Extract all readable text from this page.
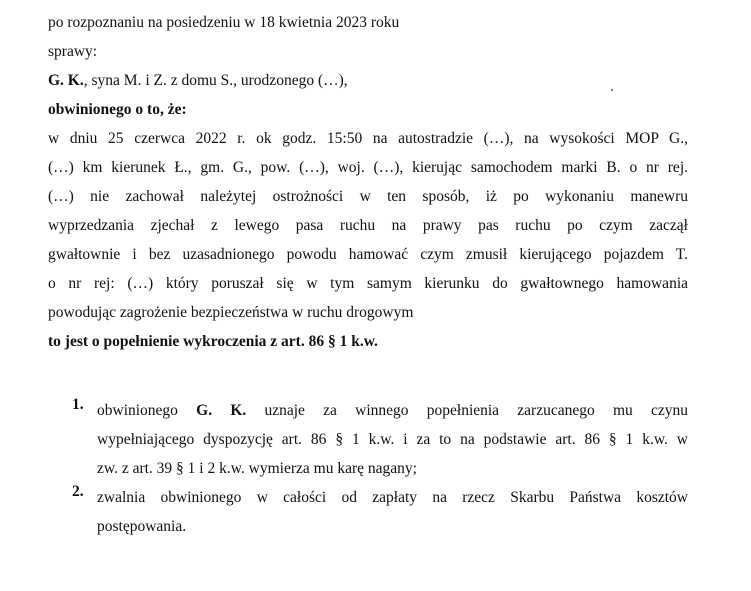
po rozpoznaniu na posiedzeniu w 18 kwietnia 2023 roku
sprawy:
G. K., syna M. i Z. z domu S., urodzonego (…),
obwinionego o to, że:
w dniu 25 czerwca 2022 r. ok godz. 15:50 na autostradzie (…), na wysokości MOP G.,
(…) km kierunek Ł., gm. G., pow. (…), woj. (…), kierując samochodem marki B. o nr rej.
(…) nie zachował należytej ostrożności w ten sposób, iż po wykonaniu manewru
wyprzedzania zjechał z lewego pasa ruchu na prawy pas ruchu po czym zaczął
gwałtownie i bez uzasadnionego powodu hamować czym zmusił kierującego pojazdem T.
o nr rej: (…) który poruszał się w tym samym kierunku do gwałtownego hamowania
powodując zagrożenie bezpieczeństwa w ruchu drogowym
to jest o popełnienie wykroczenia z art. 86 § 1 k.w.
1. obwinionego G. K. uznaje za winnego popełnienia zarzucanego mu czynu
wypełniającego dyspozycję art. 86 § 1 k.w. i za to na podstawie art. 86 § 1 k.w. w
zw. z art. 39 § 1 i 2 k.w. wymierza mu karę nagany;
2. zwalnia obwinionego w całości od zapłaty na rzecz Skarbu Państwa kosztów
postępowania.
